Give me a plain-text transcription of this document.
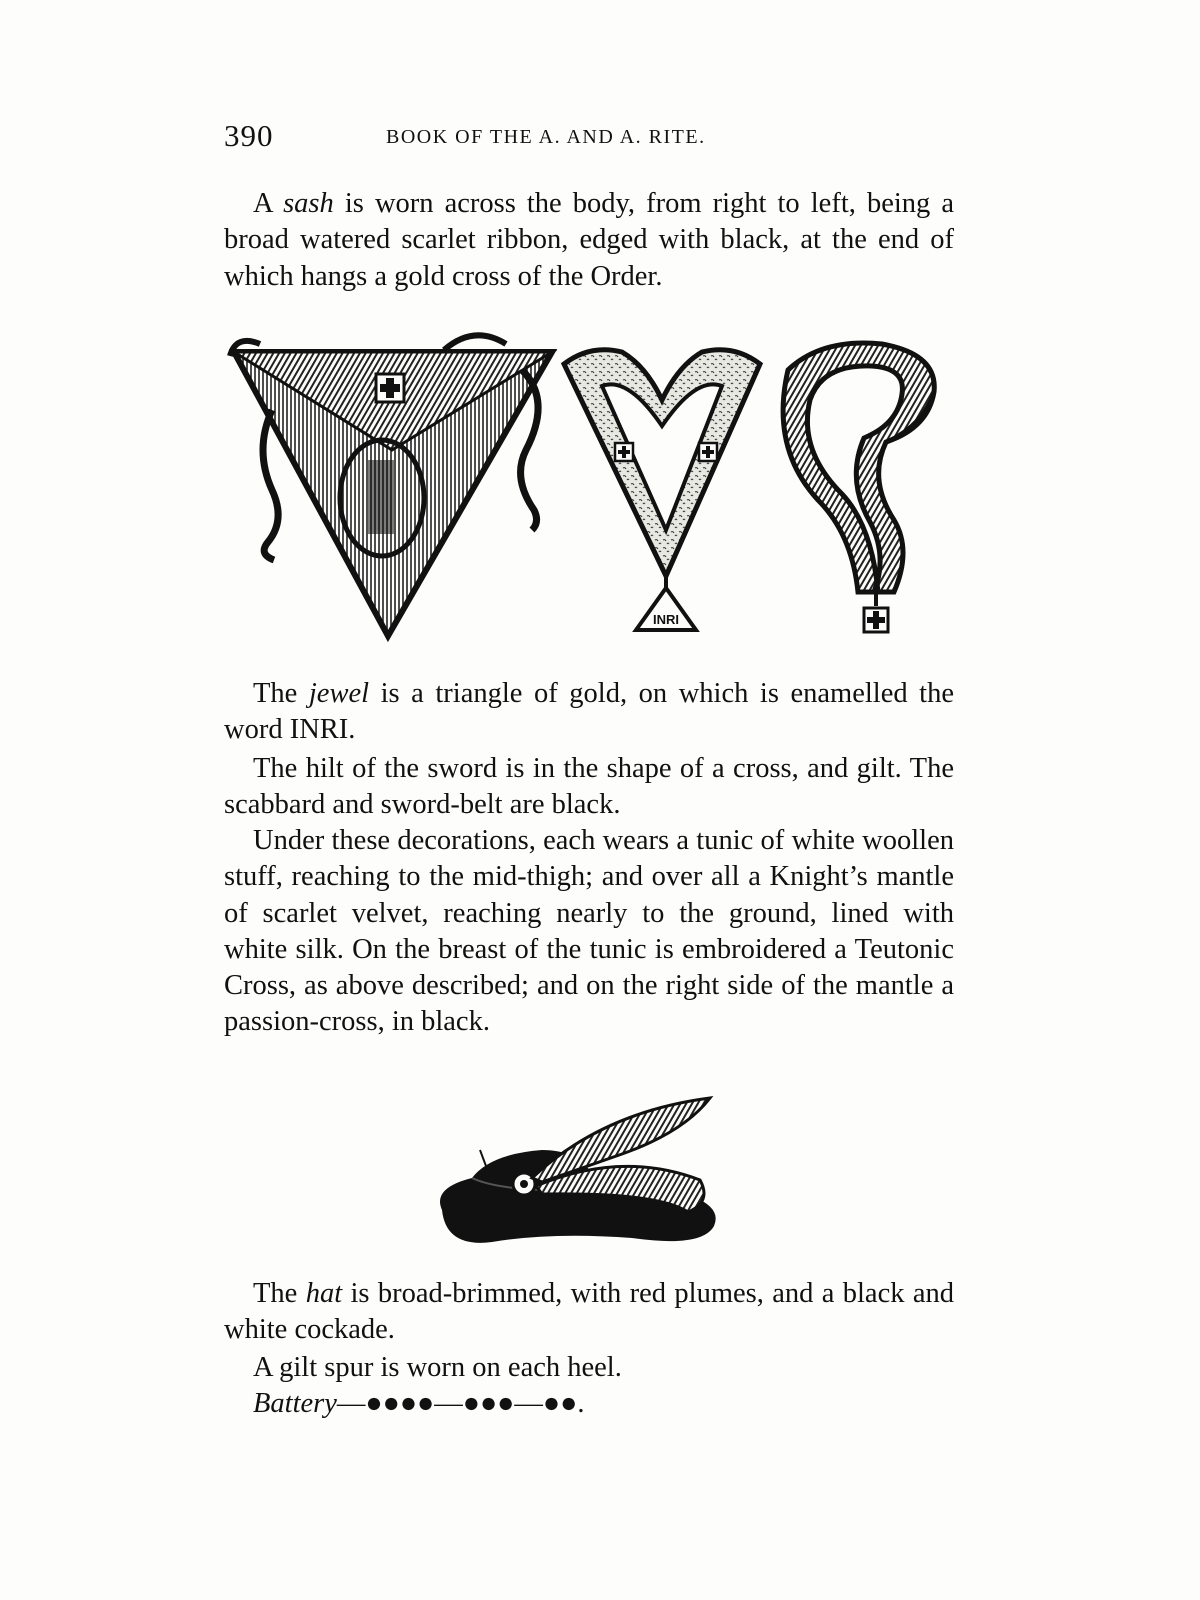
390	BOOK OF THE A. AND A. RITE.

A sash is worn across the body, from right to left, being a broad watered scarlet ribbon, edged with black, at the end of which hangs a gold cross of the Order.

INRI

The jewel is a triangle of gold, on which is enamelled the word INRI.

The hilt of the sword is in the shape of a cross, and gilt. The scabbard and sword-belt are black.

Under these decorations, each wears a tunic of white woollen stuff, reaching to the mid-thigh; and over all a Knight’s mantle of scarlet velvet, reaching nearly to the ground, lined with white silk. On the breast of the tunic is embroidered a Teutonic Cross, as above described; and on the right side of the mantle a passion-cross, in black.

The hat is broad-brimmed, with red plumes, and a black and white cockade.

A gilt spur is worn on each heel.

Battery—●●●●—●●●—●●.
